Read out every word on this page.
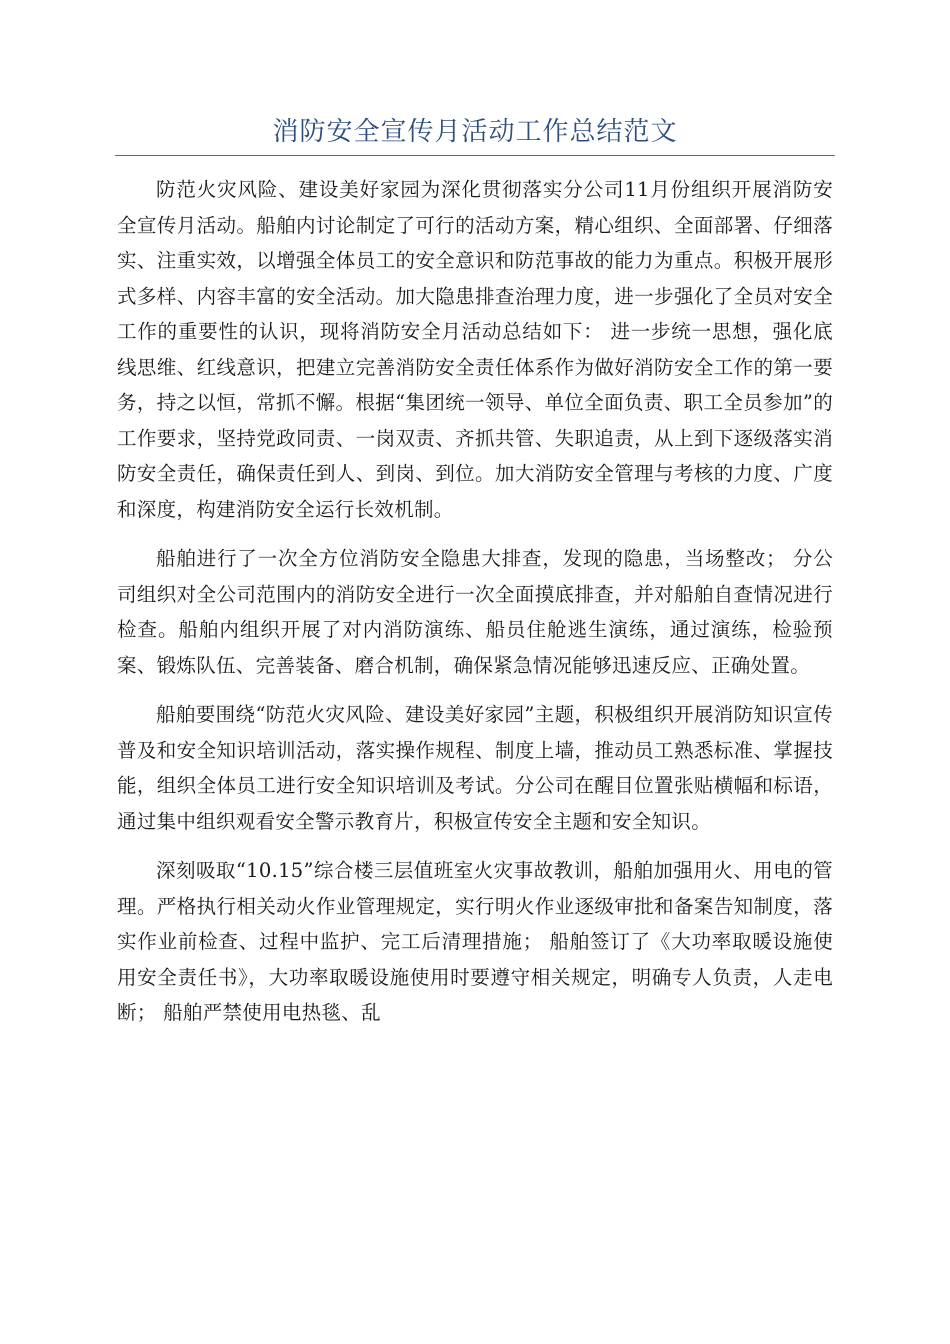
消防安全宣传月活动工作总结范文

防范火灾风险、建设美好家园为深化贯彻落实分公司11月份组织开展消防安全宣传月活动。船舶内讨论制定了可行的活动方案，精心组织、全面部署、仔细落实、注重实效，以增强全体员工的安全意识和防范事故的能力为重点。积极开展形式多样、内容丰富的安全活动。加大隐患排查治理力度，进一步强化了全员对安全工作的重要性的认识，现将消防安全月活动总结如下： 进一步统一思想，强化底线思维、红线意识，把建立完善消防安全责任体系作为做好消防安全工作的第一要务，持之以恒，常抓不懈。根据“集团统一领导、单位全面负责、职工全员参加”的工作要求，坚持党政同责、一岗双责、齐抓共管、失职追责，从上到下逐级落实消防安全责任，确保责任到人、到岗、到位。加大消防安全管理与考核的力度、广度和深度，构建消防安全运行长效机制。

船舶进行了一次全方位消防安全隐患大排查，发现的隐患，当场整改； 分公司组织对全公司范围内的消防安全进行一次全面摸底排查，并对船舶自查情况进行检查。船舶内组织开展了对内消防演练、船员住舱逃生演练，通过演练，检验预案、锻炼队伍、完善装备、磨合机制，确保紧急情况能够迅速反应、正确处置。

船舶要围绕“防范火灾风险、建设美好家园”主题，积极组织开展消防知识宣传普及和安全知识培训活动，落实操作规程、制度上墙，推动员工熟悉标准、掌握技能，组织全体员工进行安全知识培训及考试。分公司在醒目位置张贴横幅和标语，通过集中组织观看安全警示教育片，积极宣传安全主题和安全知识。

深刻吸取“10.15”综合楼三层值班室火灾事故教训，船舶加强用火、用电的管理。严格执行相关动火作业管理规定，实行明火作业逐级审批和备案告知制度，落实作业前检查、过程中监护、完工后清理措施； 船舶签订了《大功率取暖设施使用安全责任书》，大功率取暖设施使用时要遵守相关规定，明确专人负责，人走电断； 船舶严禁使用电热毯、乱
